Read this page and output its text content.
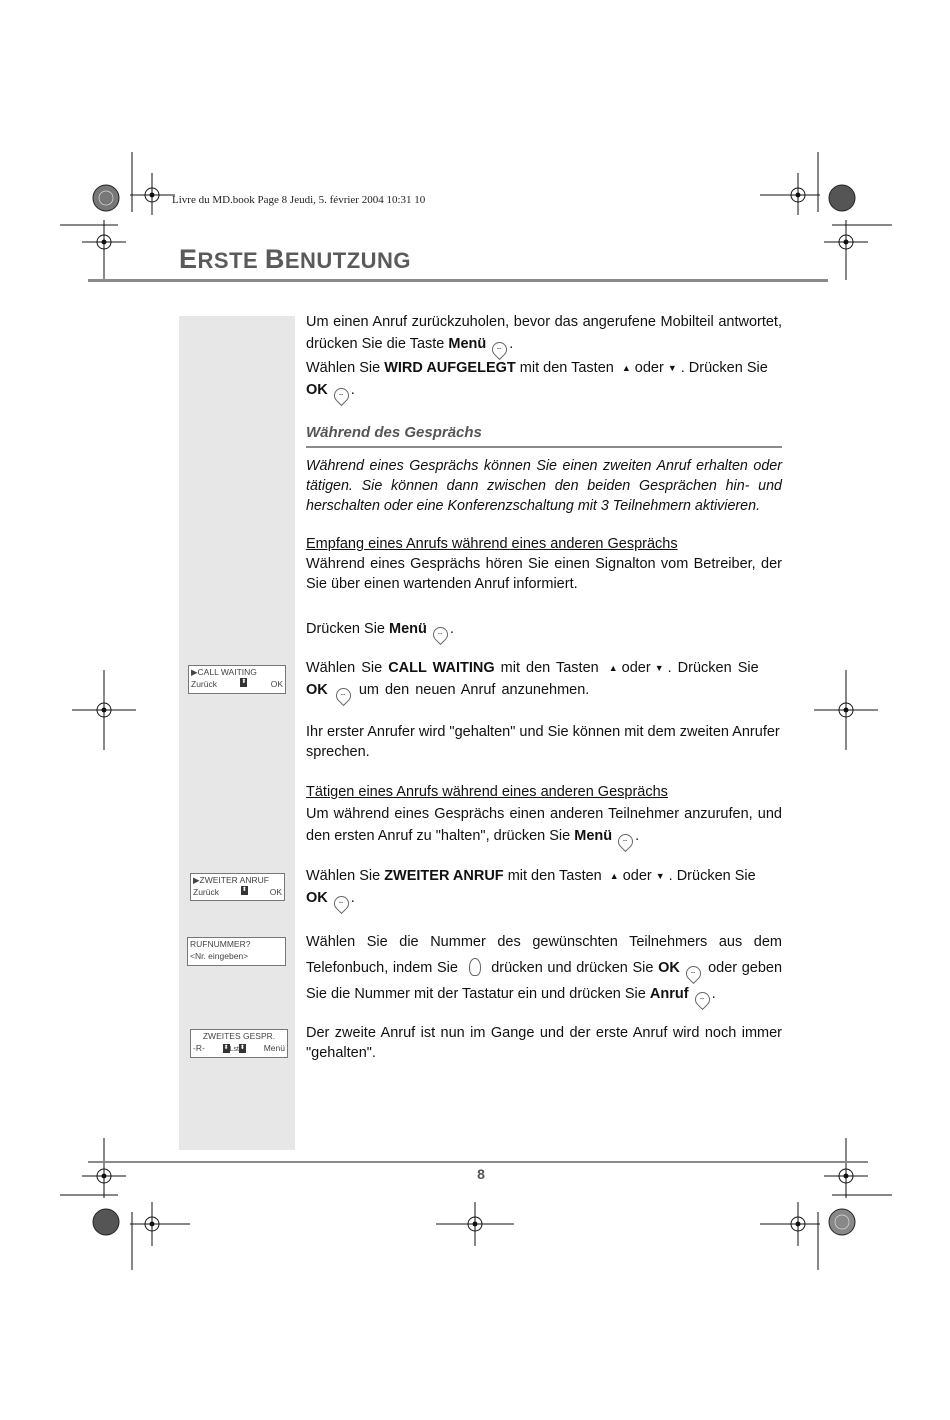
Livre du MD.book Page 8 Jeudi, 5. février 2004 10:31 10
ERSTE BENUTZUNG
▶CALL WAITING
Zurück	⬍	OK
▶ZWEITER ANRUF
Zurück	⬍	OK
RUFNUMMER?
<Nr. eingeben>
ZWEITES GESPR.
-R-	⬍Lst⬍ Menü
Um einen Anruf zurückzuholen, bevor das angerufene Mobilteil antwortet, drücken Sie die Taste Menü -- .
Wählen Sie WIRD AUFGELEGT mit den Tasten ▲ oder ▼ . Drücken Sie
OK -- .
Während des Gesprächs
Während eines Gesprächs können Sie einen zweiten Anruf erhalten oder tätigen. Sie können dann zwischen den beiden Gesprächen hin- und herschalten oder eine Konferenzschaltung mit 3 Teilnehmern aktivieren.
Empfang eines Anrufs während eines anderen Gesprächs
Während eines Gesprächs hören Sie einen Signalton vom Betreiber, der Sie über einen wartenden Anruf informiert.
Drücken Sie Menü -- .
Wählen Sie CALL WAITING mit den Tasten ▲ oder ▼ . Drücken Sie
OK -- um den neuen Anruf anzunehmen.
Ihr erster Anrufer wird "gehalten" und Sie können mit dem zweiten Anrufer sprechen.
Tätigen eines Anrufs während eines anderen Gesprächs
Um während eines Gesprächs einen anderen Teilnehmer anzurufen, und den ersten Anruf zu "halten", drücken Sie Menü -- .
Wählen Sie ZWEITER ANRUF mit den Tasten ▲ oder ▼ . Drücken Sie
OK -- .
Wählen Sie die Nummer des gewünschten Teilnehmers aus dem Telefonbuch, indem Sie drücken und drücken Sie OK -- oder geben Sie die Nummer mit der Tastatur ein und drücken Sie Anruf -- .
Der zweite Anruf ist nun im Gange und der erste Anruf wird noch immer "gehalten".
8
